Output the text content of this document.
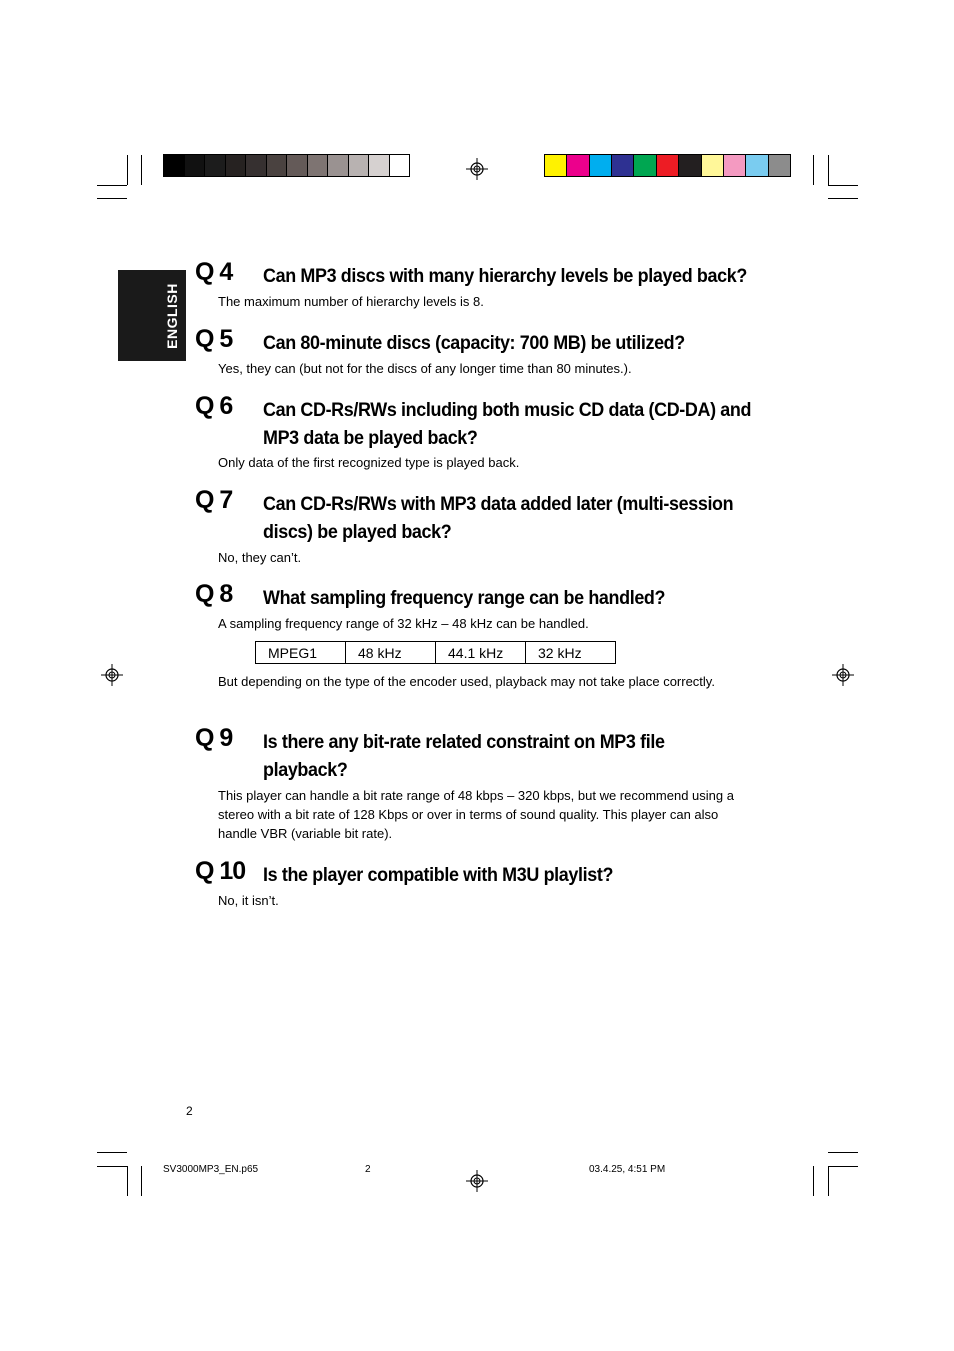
ENGLISH
Q 4 Can MP3 discs with many hierarchy levels be played back?
The maximum number of hierarchy levels is 8.
Q 5 Can 80-minute discs (capacity: 700 MB) be utilized?
Yes, they can (but not for the discs of any longer time than 80 minutes.).
Q 6 Can CD-Rs/RWs including both music CD data (CD-DA) and MP3 data be played back?
Only data of the first recognized type is played back.
Q 7 Can CD-Rs/RWs with MP3 data added later (multi-session discs) be played back?
No, they can’t.
Q 8 What sampling frequency range can be handled?
A sampling frequency range of 32 kHz – 48 kHz can be handled.
MPEG1	48 kHz	44.1 kHz	32 kHz
But depending on the type of the encoder used, playback may not take place correctly.
Q 9 Is there any bit-rate related constraint on MP3 file playback?
This player can handle a bit rate range of 48 kbps – 320 kbps, but we recommend using a stereo with a bit rate of 128 Kbps or over in terms of sound quality. This player can also handle VBR (variable bit rate).
Q 10 Is the player compatible with M3U playlist?
No, it isn’t.
2
SV3000MP3_EN.p65	2	03.4.25, 4:51 PM
